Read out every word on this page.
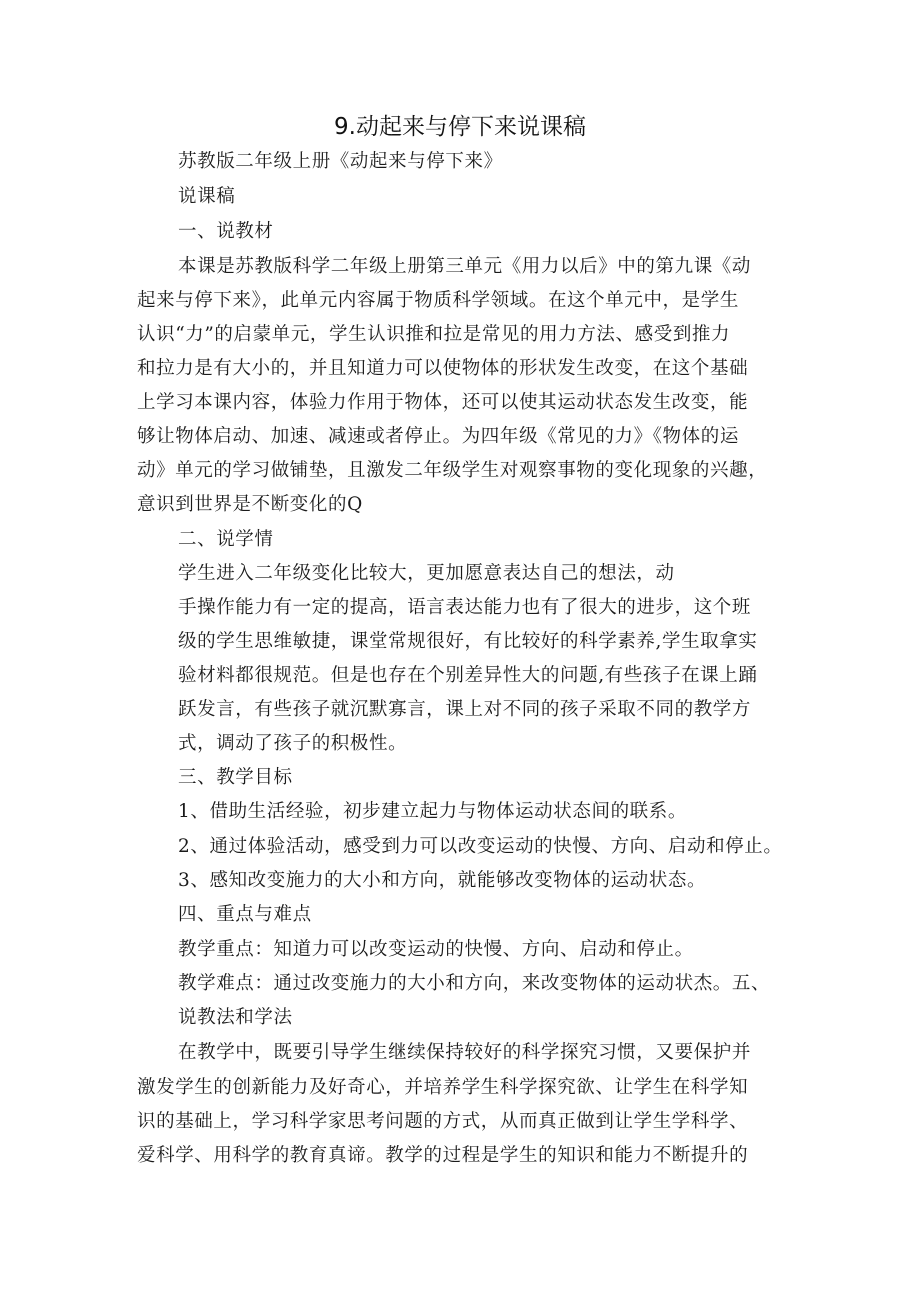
9.动起来与停下来说课稿
苏教版二年级上册《动起来与停下来》
说课稿
一、说教材
本课是苏教版科学二年级上册第三单元《用力以后》中的第九课《动
起来与停下来》，此单元内容属于物质科学领域。在这个单元中，是学生
认识“力”的启蒙单元，学生认识推和拉是常见的用力方法、感受到推力
和拉力是有大小的，并且知道力可以使物体的形状发生改变，在这个基础
上学习本课内容，体验力作用于物体，还可以使其运动状态发生改变，能
够让物体启动、加速、减速或者停止。为四年级《常见的力》《物体的运
动》单元的学习做铺垫，且激发二年级学生对观察事物的变化现象的兴趣，
意识到世界是不断变化的Q
二、说学情
学生进入二年级变化比较大，更加愿意表达自己的想法，动
手操作能力有一定的提高，语言表达能力也有了很大的进步，这个班
级的学生思维敏捷，课堂常规很好，有比较好的科学素养,学生取拿实
验材料都很规范。但是也存在个别差异性大的问题,有些孩子在课上踊
跃发言，有些孩子就沉默寡言，课上对不同的孩子采取不同的教学方
式，调动了孩子的积极性。
三、教学目标
1、借助生活经验，初步建立起力与物体运动状态间的联系。
2、通过体验活动，感受到力可以改变运动的快慢、方向、启动和停止。
3、感知改变施力的大小和方向，就能够改变物体的运动状态。
四、重点与难点
教学重点：知道力可以改变运动的快慢、方向、启动和停止。
教学难点：通过改变施力的大小和方向，来改变物体的运动状杰。五、
说教法和学法
在教学中，既要引导学生继续保持较好的科学探究习惯，又要保护并
激发学生的创新能力及好奇心，并培养学生科学探究欲、让学生在科学知
识的基础上，学习科学家思考问题的方式，从而真正做到让学生学科学、
爱科学、用科学的教育真谛。教学的过程是学生的知识和能力不断提升的
